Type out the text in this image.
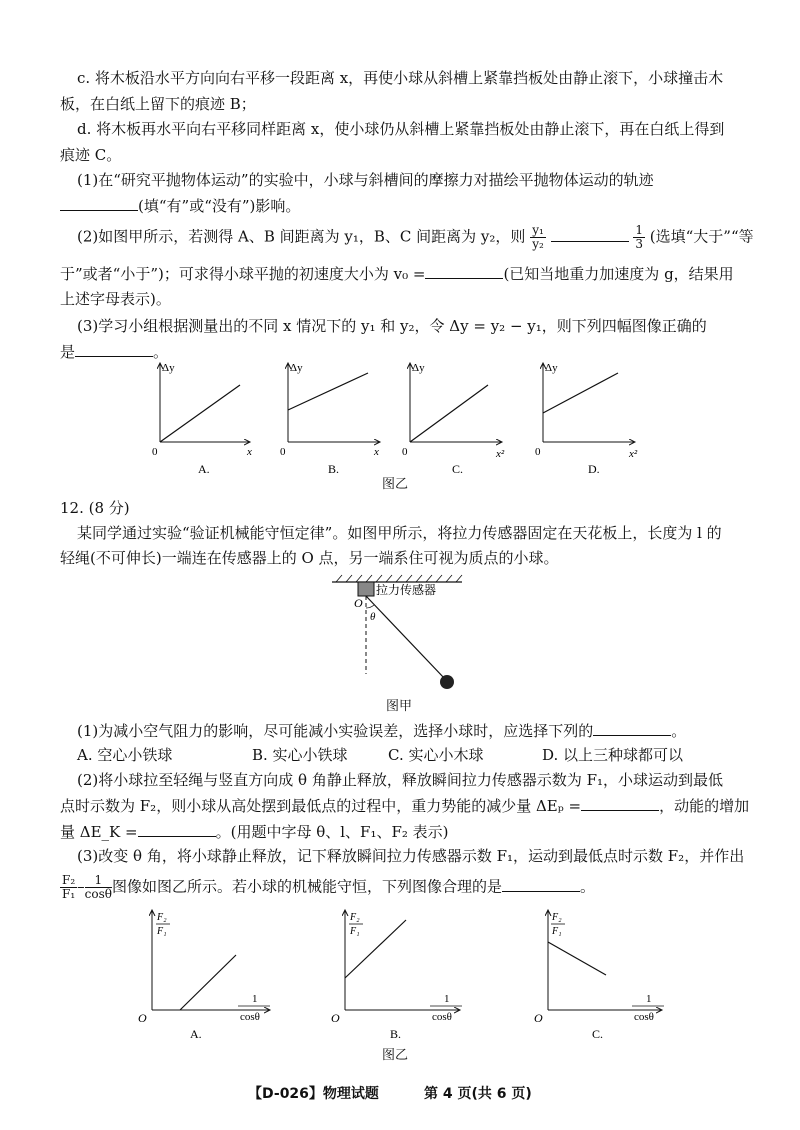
c. 将木板沿水平方向向右平移一段距离 x，再使小球从斜槽上紧靠挡板处由静止滚下，小球撞击木
板，在白纸上留下的痕迹 B；
d. 将木板再水平向右平移同样距离 x，使小球仍从斜槽上紧靠挡板处由静止滚下，再在白纸上得到
痕迹 C。
(1)在“研究平抛物体运动”的实验中，小球与斜槽间的摩擦力对描绘平抛物体运动的轨迹
(填“有”或“没有”)影响。
(2)如图甲所示，若测得 A、B 间距离为 y₁，B、C 间距离为 y₂，则 $\frac{\text{y₁}}{\text{y₂}}$
	$\frac{1}{3}$ (选填“大于”“等
于”或者“小于”)；可求得小球平抛的初速度大小为 v₀ =	(已知当地重力加速度为 g，结果用
上述字母表示)。
(3)学习小组根据测量出的不同 x 情况下的 y₁ 和 y₂，令 Δy = y₂ − y₁，则下列四幅图像正确的
是	。
Δy
0	x
A.
Δy
0	x
B.
Δy
0	x²
C.
Δy
0	x²
D.
图乙
12. (8 分)
某同学通过实验“验证机械能守恒定律”。如图甲所示，将拉力传感器固定在天花板上，长度为 l 的
轻绳(不可伸长)一端连在传感器上的 O 点，另一端系住可视为质点的小球。
拉力传感器
O
θ
图甲
(1)为减小空气阻力的影响，尽可能减小实验误差，选择小球时，应选择下列的	。
A. 空心小铁球	B. 实心小铁球	C. 实心小木球	D. 以上三种球都可以
(2)将小球拉至轻绳与竖直方向成 θ 角静止释放，释放瞬间拉力传感器示数为 F₁，小球运动到最低
点时示数为 F₂，则小球从高处摆到最低点的过程中，重力势能的减少量 ΔEₚ =	，动能的增加
量 ΔE_K =	。(用题中字母 θ、l、F₁、F₂ 表示)
(3)改变 θ 角，将小球静止释放，记下释放瞬间拉力传感器示数 F₁，运动到最低点时示数 F₂，并作出
$\frac{\text{F₂}}{\text{F₁}} - \frac{1}{\cos\theta}$ 图像如图乙所示。若小球的机械能守恒，下列图像合理的是	。
F₂
F₁
O
1
cosθ
A.
F₂
F₁
O
1
cosθ
B.
F₂
F₁
O
1
cosθ
C.
图乙
【D-026】物理试题	第 4 页(共 6 页)
